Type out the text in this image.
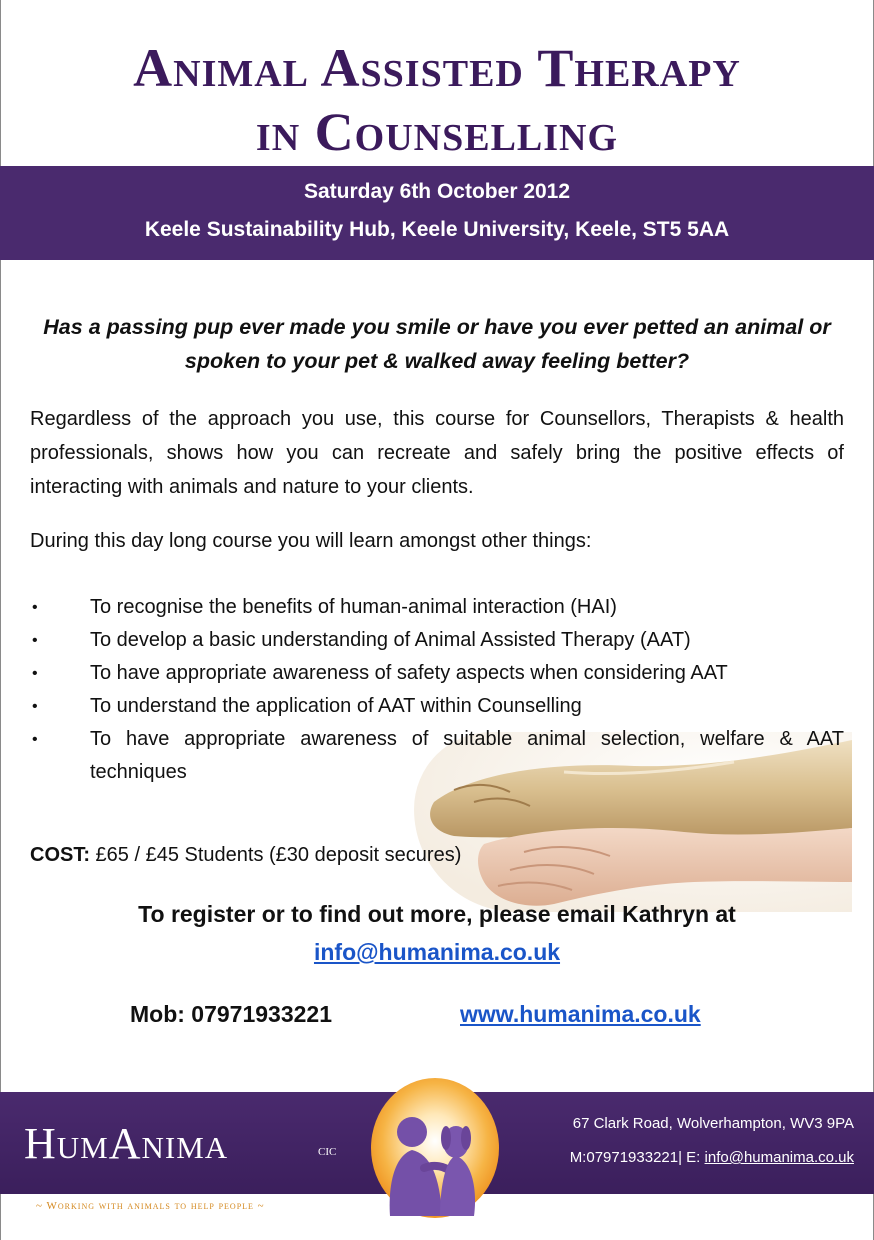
Animal Assisted Therapy
in Counselling
Saturday 6th October 2012
Keele Sustainability Hub, Keele University, Keele, ST5 5AA

Has a passing pup ever made you smile or have you ever petted an animal or spoken to your pet & walked away feeling better?

Regardless of the approach you use, this course for Counsellors, Therapists & health professionals, shows how you can recreate and safely bring the positive effects of interacting with animals and nature to your clients.

During this day long course you will learn amongst other things:

•	To recognise the benefits of human-animal interaction (HAI)
•	To develop a basic understanding of Animal Assisted Therapy (AAT)
•	To have appropriate awareness of safety aspects when considering AAT
•	To understand the application of AAT within Counselling
•	To have appropriate awareness of suitable animal selection, welfare & AAT techniques

COST: £65 / £45 Students (£30 deposit secures)

To register or to find out more, please email Kathryn at

info@humanima.co.uk

Mob: 07971933221	www.humanima.co.uk

HumAnima	CIC
~ Working with animals to help people ~
67 Clark Road, Wolverhampton, WV3 9PA
M:07971933221| E: info@humanima.co.uk
